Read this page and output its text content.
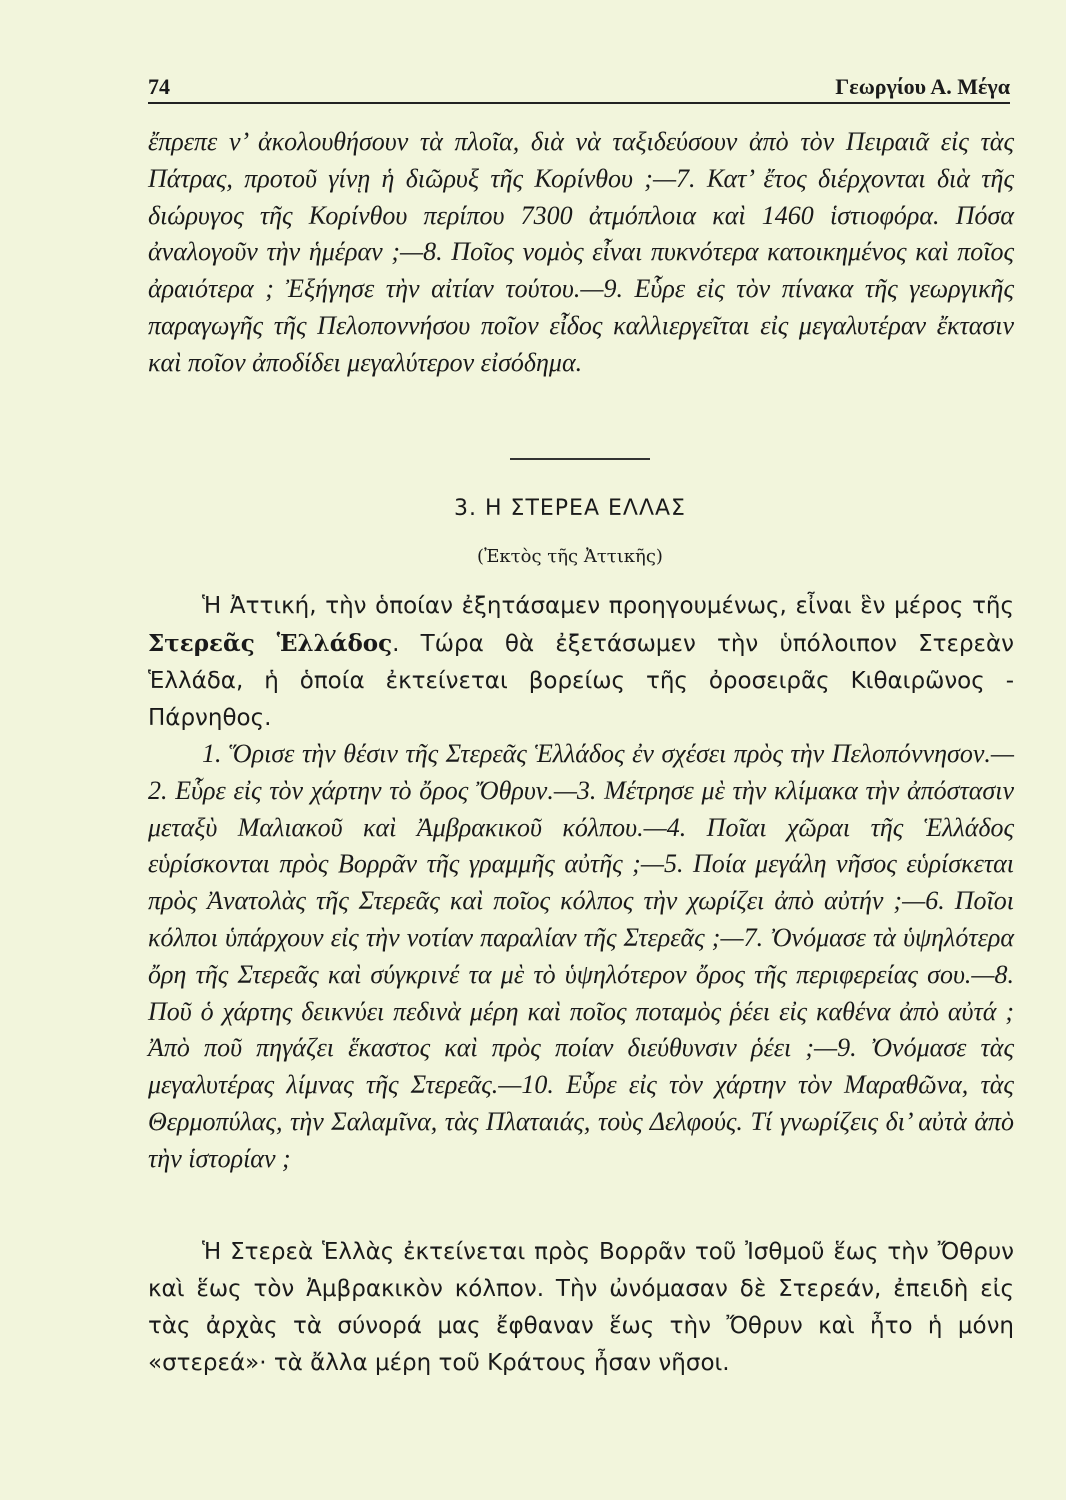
74	Γεωργίου Α. Μέγα

ἔπρεπε ν’ ἀκολουθήσουν τὰ πλοῖα, διὰ νὰ ταξιδεύσουν ἀπὸ τὸν Πειραιᾶ εἰς τὰς Πάτρας, προτοῦ γίνῃ ἡ διῶρυξ τῆς Κορίνθου ;—7. Κατ’ ἔτος διέρχονται διὰ τῆς διώρυγος τῆς Κορίνθου περίπου 7300 ἀτμόπλοια καὶ 1460 ἱστιοφόρα. Πόσα ἀναλογοῦν τὴν ἡμέραν ;—8. Ποῖος νομὸς εἶναι πυκνότερα κατοικημένος καὶ ποῖος ἀραιότερα ; Ἐξήγησε τὴν αἰτίαν τούτου.—9. Εὗρε εἰς τὸν πίνακα τῆς γεωργικῆς παραγωγῆς τῆς Πελοποννήσου ποῖον εἶδος καλλιεργεῖται εἰς μεγαλυτέραν ἔκτασιν καὶ ποῖον ἀποδίδει μεγαλύτερον εἰσόδημα.

3. Η ΣΤΕΡΕΑ ΕΛΛΑΣ
(Ἐκτὸς τῆς Ἀττικῆς)

Ἡ Ἀττική, τὴν ὁποίαν ἐξητάσαμεν προηγουμένως, εἶναι ἓν μέρος τῆς Στερεᾶς Ἑλλάδος. Τώρα θὰ ἐξετάσωμεν τὴν ὑπόλοιπον Στερεὰν Ἑλλάδα, ἡ ὁποία ἐκτείνεται βορείως τῆς ὀροσειρᾶς Κιθαιρῶνος - Πάρνηθος.

1. Ὅρισε τὴν θέσιν τῆς Στερεᾶς Ἑλλάδος ἐν σχέσει πρὸς τὴν Πελοπόννησον.—2. Εὗρε εἰς τὸν χάρτην τὸ ὄρος Ὄθρυν.—3. Μέτρησε μὲ τὴν κλίμακα τὴν ἀπόστασιν μεταξὺ Μαλιακοῦ καὶ Ἀμβρακικοῦ κόλπου.—4. Ποῖαι χῶραι τῆς Ἑλλάδος εὑρίσκονται πρὸς Βορρᾶν τῆς γραμμῆς αὐτῆς ;—5. Ποία μεγάλη νῆσος εὑρίσκεται πρὸς Ἀνατολὰς τῆς Στερεᾶς καὶ ποῖος κόλπος τὴν χωρίζει ἀπὸ αὐτήν ;—6. Ποῖοι κόλποι ὑπάρχουν εἰς τὴν νοτίαν παραλίαν τῆς Στερεᾶς ;—7. Ὀνόμασε τὰ ὑψηλότερα ὄρη τῆς Στερεᾶς καὶ σύγκρινέ τα μὲ τὸ ὑψηλότερον ὄρος τῆς περιφερείας σου.—8. Ποῦ ὁ χάρτης δεικνύει πεδινὰ μέρη καὶ ποῖος ποταμὸς ῥέει εἰς καθένα ἀπὸ αὐτά ; Ἀπὸ ποῦ πηγάζει ἕκαστος καὶ πρὸς ποίαν διεύθυνσιν ῥέει ;—9. Ὀνόμασε τὰς μεγαλυτέρας λίμνας τῆς Στερεᾶς.—10. Εὗρε εἰς τὸν χάρτην τὸν Μαραθῶνα, τὰς Θερμοπύλας, τὴν Σαλαμῖνα, τὰς Πλαταιάς, τοὺς Δελφούς. Τί γνωρίζεις δι’ αὐτὰ ἀπὸ τὴν ἱστορίαν ;

Ἡ Στερεὰ Ἑλλὰς ἐκτείνεται πρὸς Βορρᾶν τοῦ Ἰσθμοῦ ἕως τὴν Ὄθρυν καὶ ἕως τὸν Ἀμβρακικὸν κόλπον. Τὴν ὠνόμασαν δὲ Στερεάν, ἐπειδὴ εἰς τὰς ἀρχὰς τὰ σύνορά μας ἔφθαναν ἕως τὴν Ὄθρυν καὶ ἦτο ἡ μόνη «στερεά»· τὰ ἄλλα μέρη τοῦ Κράτους ἦσαν νῆσοι.
